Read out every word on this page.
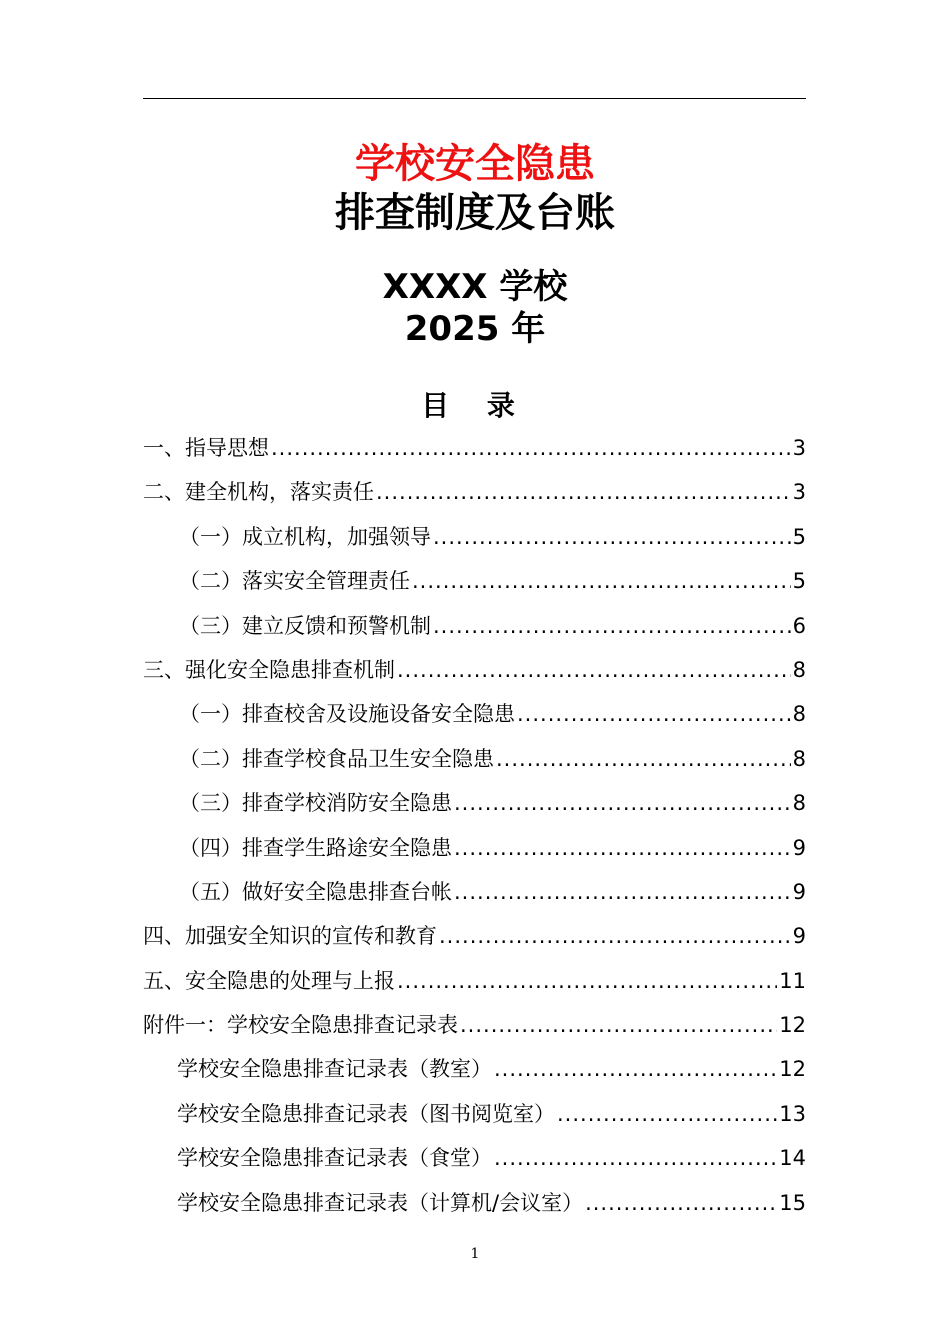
学校安全隐患
排查制度及台账
XXXX 学校
2025 年
目 录
一、指导思想 .....	3
二、建全机构，落实责任 .....	3
（一）成立机构，加强领导 .....	5
（二）落实安全管理责任 .....	5
（三）建立反馈和预警机制 .....	6
三、强化安全隐患排查机制 .....	8
（一）排查校舍及设施设备安全隐患 .....	8
（二）排查学校食品卫生安全隐患 .....	8
（三）排查学校消防安全隐患 .....	8
（四）排查学生路途安全隐患 .....	9
（五）做好安全隐患排查台帐 .....	9
四、加强安全知识的宣传和教育 .....	9
五、安全隐患的处理与上报 .....	11
附件一：学校安全隐患排查记录表 .....	12
学校安全隐患排查记录表（教室） .....	12
学校安全隐患排查记录表（图书阅览室） .....	13
学校安全隐患排查记录表（食堂） .....	14
学校安全隐患排查记录表（计算机/会议室） .....	15
1
